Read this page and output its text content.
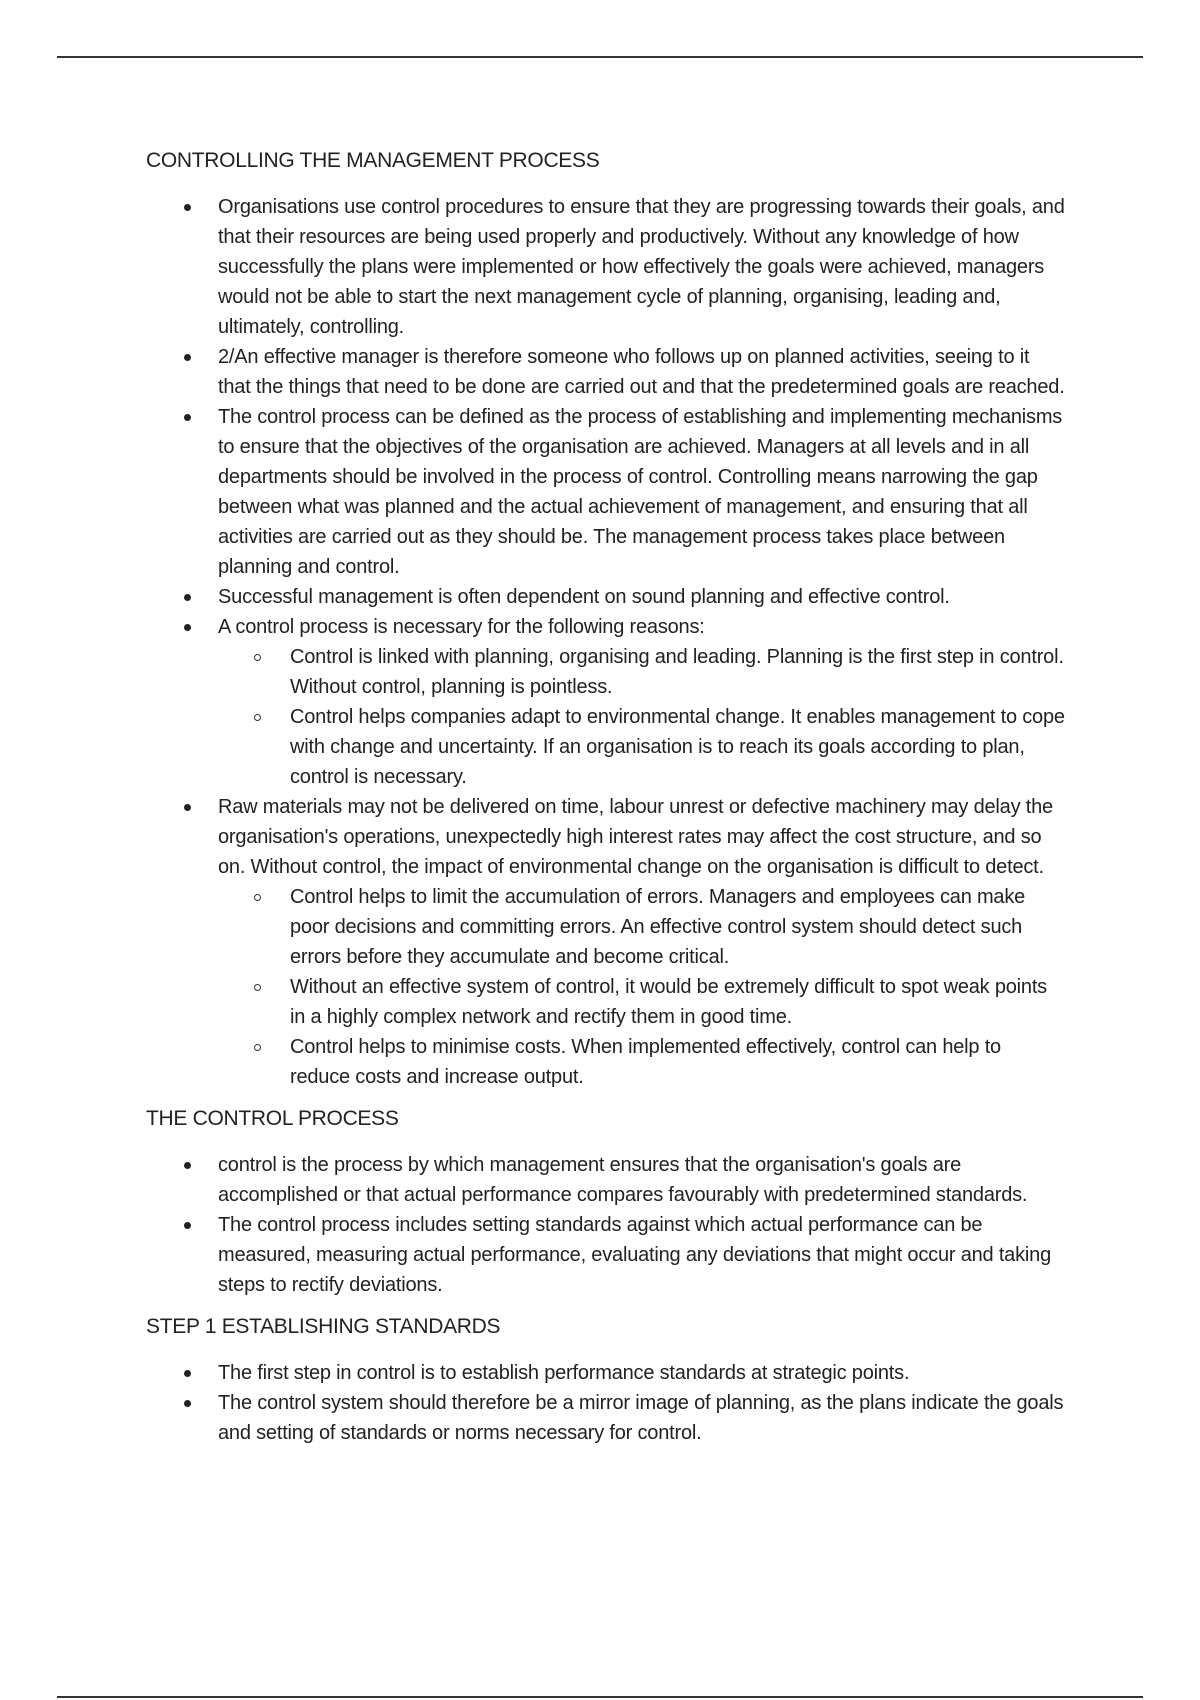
CONTROLLING THE MANAGEMENT PROCESS
Organisations use control procedures to ensure that they are progressing towards their goals, and that their resources are being used properly and productively. Without any knowledge of how successfully the plans were implemented or how effectively the goals were achieved, managers would not be able to start the next management cycle of planning, organising, leading and, ultimately, controlling.
2/An effective manager is therefore someone who follows up on planned activities, seeing to it that the things that need to be done are carried out and that the predetermined goals are reached.
The control process can be defined as the process of establishing and implementing mechanisms to ensure that the objectives of the organisation are achieved. Managers at all levels and in all departments should be involved in the process of control. Controlling means narrowing the gap between what was planned and the actual achievement of management, and ensuring that all activities are carried out as they should be. The management process takes place between planning and control.
Successful management is often dependent on sound planning and effective control.
A control process is necessary for the following reasons:
Control is linked with planning, organising and leading. Planning is the first step in control. Without control, planning is pointless.
Control helps companies adapt to environmental change. It enables management to cope with change and uncertainty. If an organisation is to reach its goals according to plan, control is necessary.
Raw materials may not be delivered on time, labour unrest or defective machinery may delay the organisation's operations, unexpectedly high interest rates may affect the cost structure, and so on. Without control, the impact of environmental change on the organisation is difficult to detect.
Control helps to limit the accumulation of errors. Managers and employees can make poor decisions and committing errors. An effective control system should detect such errors before they accumulate and become critical.
Without an effective system of control, it would be extremely difficult to spot weak points in a highly complex network and rectify them in good time.
Control helps to minimise costs. When implemented effectively, control can help to reduce costs and increase output.
THE CONTROL PROCESS
control is the process by which management ensures that the organisation's goals are accomplished or that actual performance compares favourably with predetermined standards.
The control process includes setting standards against which actual performance can be measured, measuring actual performance, evaluating any deviations that might occur and taking steps to rectify deviations.
STEP 1 ESTABLISHING STANDARDS
The first step in control is to establish performance standards at strategic points.
The control system should therefore be a mirror image of planning, as the plans indicate the goals and setting of standards or norms necessary for control.
